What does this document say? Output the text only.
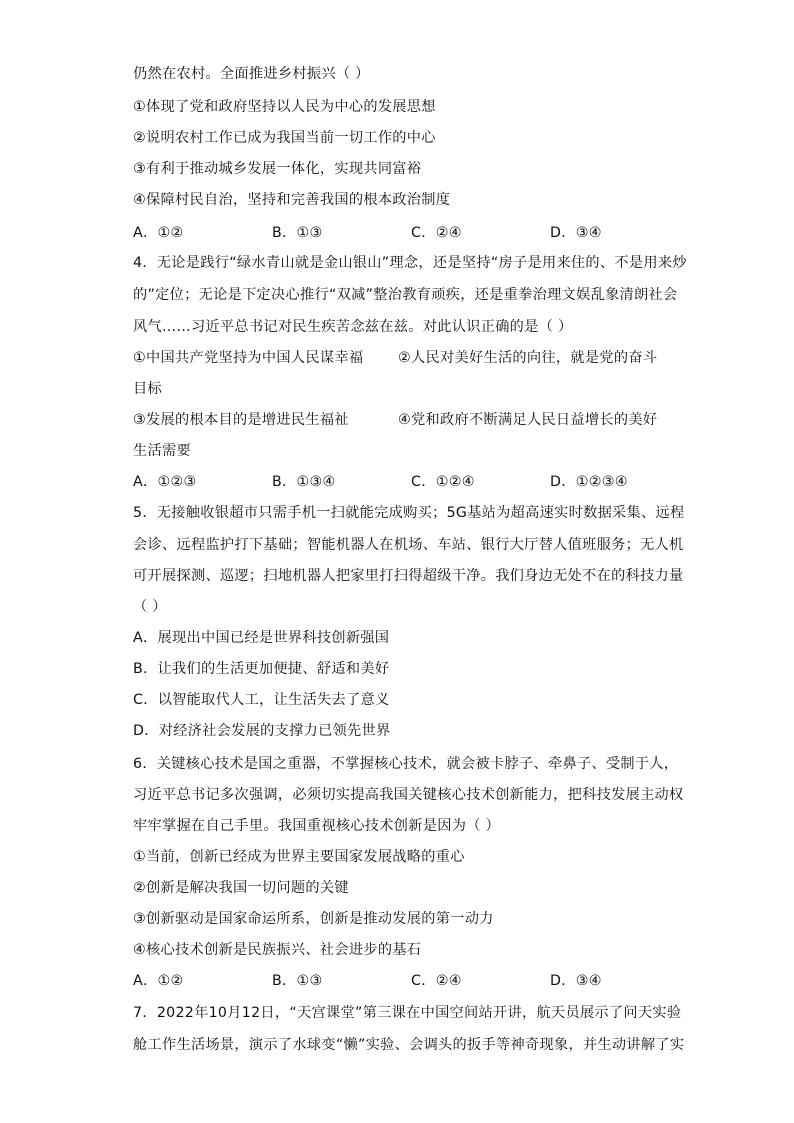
仍然在农村。全面推进乡村振兴（ ）
①体现了党和政府坚持以人民为中心的发展思想
②说明农村工作已成为我国当前一切工作的中心
③有利于推动城乡发展一体化，实现共同富裕
④保障村民自治，坚持和完善我国的根本政治制度
A．①②	B．①③	C．②④	D．③④
4．无论是践行“绿水青山就是金山银山”理念，还是坚持“房子是用来住的、不是用来炒
的”定位；无论是下定决心推行“双减”整治教育顽疾，还是重拳治理文娱乱象清朗社会
风气……习近平总书记对民生疾苦念兹在兹。对此认识正确的是（ ）
①中国共产党坚持为中国人民谋幸福 ②人民对美好生活的向往，就是党的奋斗
目标
③发展的根本目的是增进民生福祉	④党和政府不断满足人民日益增长的美好
生活需要
A．①②③	B．①③④	C．①②④	D．①②③④
5．无接触收银超市只需手机一扫就能完成购买；5G基站为超高速实时数据采集、远程
会诊、远程监护打下基础；智能机器人在机场、车站、银行大厅替人值班服务；无人机
可开展探测、巡逻；扫地机器人把家里打扫得超级干净。我们身边无处不在的科技力量
（ ）
A．展现出中国已经是世界科技创新强国
B．让我们的生活更加便捷、舒适和美好
C．以智能取代人工，让生活失去了意义
D．对经济社会发展的支撑力已领先世界
6．关键核心技术是国之重器，不掌握核心技术，就会被卡脖子、牵鼻子、受制于人，
习近平总书记多次强调，必须切实提高我国关键核心技术创新能力，把科技发展主动权
牢牢掌握在自己手里。我国重视核心技术创新是因为（ ）
①当前，创新已经成为世界主要国家发展战略的重心
②创新是解决我国一切问题的关键
③创新驱动是国家命运所系，创新是推动发展的第一动力
④核心技术创新是民族振兴、社会进步的基石
A．①②	B．①③	C．②④	D．③④
7．2022年10月12日，“天宫课堂”第三课在中国空间站开讲，航天员展示了问天实验
舱工作生活场景，演示了水球变“懒”实验、会调头的扳手等神奇现象，并生动讲解了实
